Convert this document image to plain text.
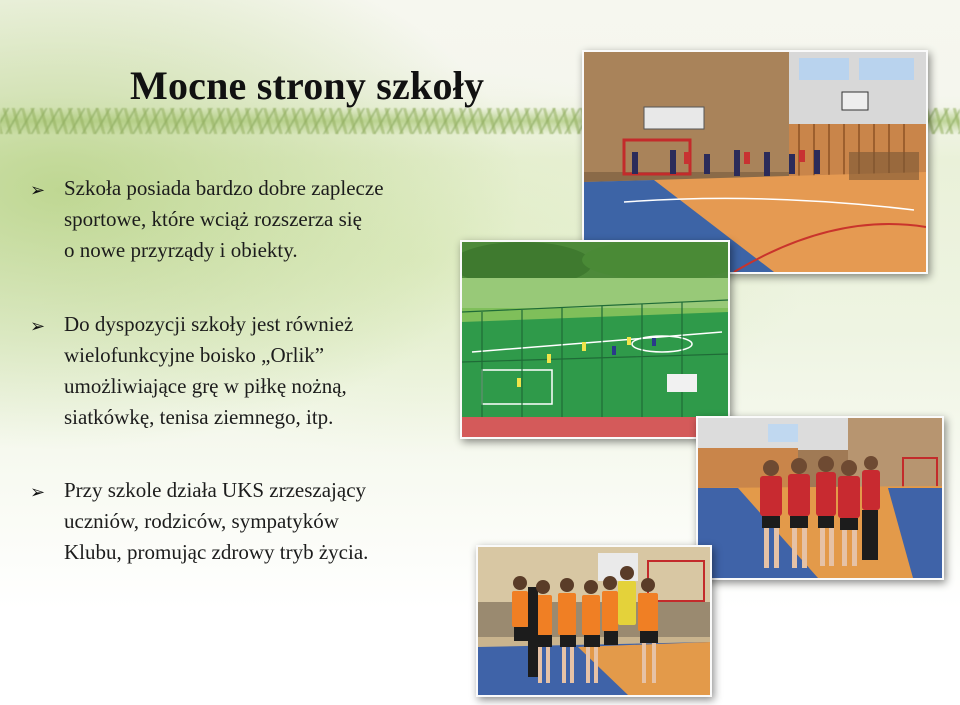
Mocne strony szkoły
➢ Szkoła posiada bardzo dobre zaplecze
sportowe, które wciąż rozszerza się
o nowe przyrządy i obiekty.
➢ Do dyspozycji szkoły jest również
wielofunkcyjne boisko „Orlik”
umożliwiające grę w piłkę nożną,
siatkówkę, tenisa ziemnego, itp.
➢ Przy szkole działa UKS zrzeszający
uczniów, rodziców, sympatyków
Klubu, promując zdrowy tryb życia.
